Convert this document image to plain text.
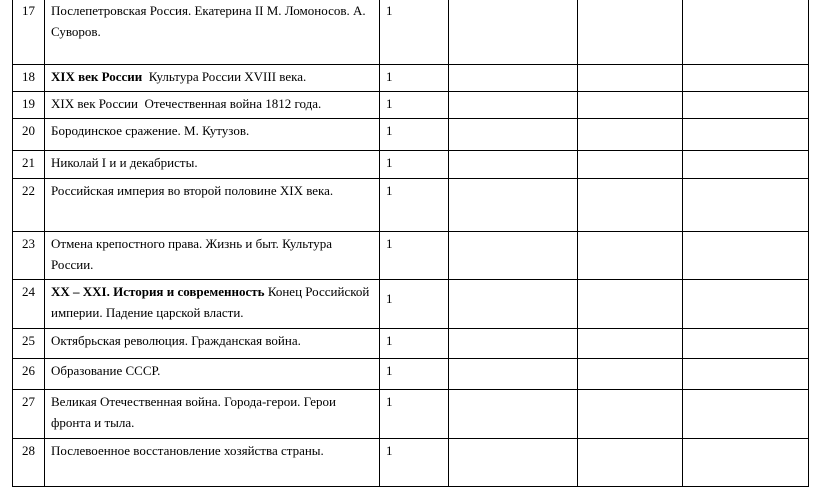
17	Послепетровская Россия. Екатерина II М. Ломоносов. А. Суворов.	1			
18	XIX век России Культура России XVIII века.	1			
19	XIX век России  Отечественная война 1812 года.	1			
20	Бородинское сражение. М. Кутузов.	1			
21	Николай I и и декабристы.	1			
22	Российская империя во второй половине XIX века.	1			
23	Отмена крепостного права. Жизнь и быт. Культура России.	1			
24	XX – XXI. История и современность Конец Российской империи. Падение царской власти.	1			
25	Октябрьская революция. Гражданская война.	1			
26	Образование СССР.	1			
27	Великая Отечественная война. Города-герои. Герои фронта и тыла.	1			
28	Послевоенное восстановление хозяйства страны.	1			
